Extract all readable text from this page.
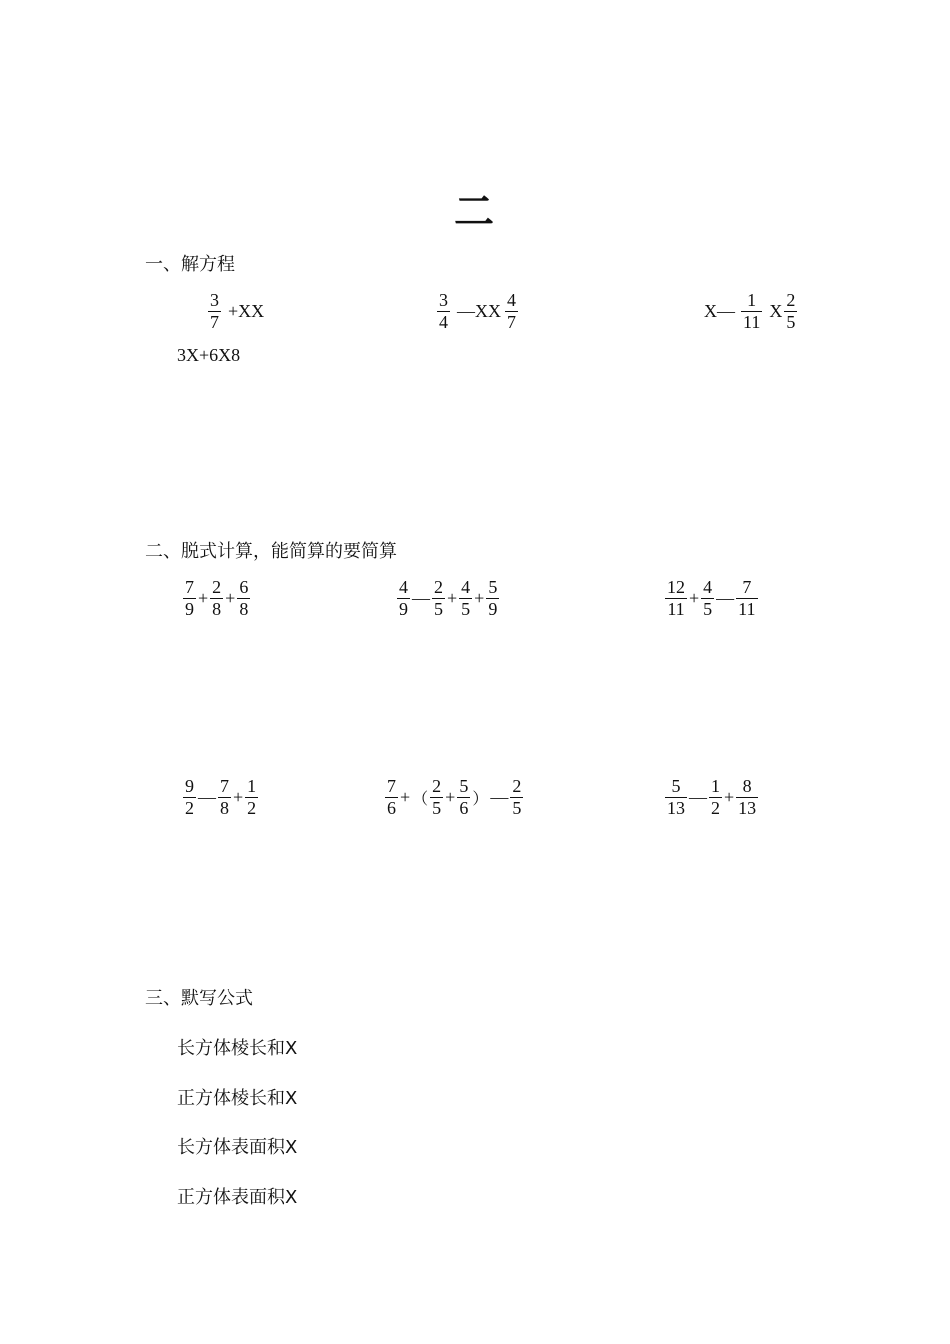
二
一、解方程
$\frac{3}{7} +XX$	$\frac{3}{4}$ —XX $\frac{4}{7}$	X— $\frac{1}{11}$ X $\frac{2}{5}$
3X+6X8
二、脱式计算，能简算的要简算
$\frac{7}{9} + \frac{2}{8} + \frac{6}{8}$	$\frac{4}{9}$ — $\frac{2}{5} + \frac{4}{5} + \frac{5}{9}$	$\frac{12}{11} + \frac{4}{5}$ — $\frac{7}{11}$
$\frac{9}{2}$ — $\frac{7}{8} + \frac{1}{2}$	$\frac{7}{6}$ + （ $\frac{2}{5} + \frac{5}{6}$ ） — $\frac{2}{5}$	$\frac{5}{13}$ — $\frac{1}{2} + \frac{8}{13}$
三、默写公式
长方体棱长和X
正方体棱长和X
长方体表面积X
正方体表面积X
